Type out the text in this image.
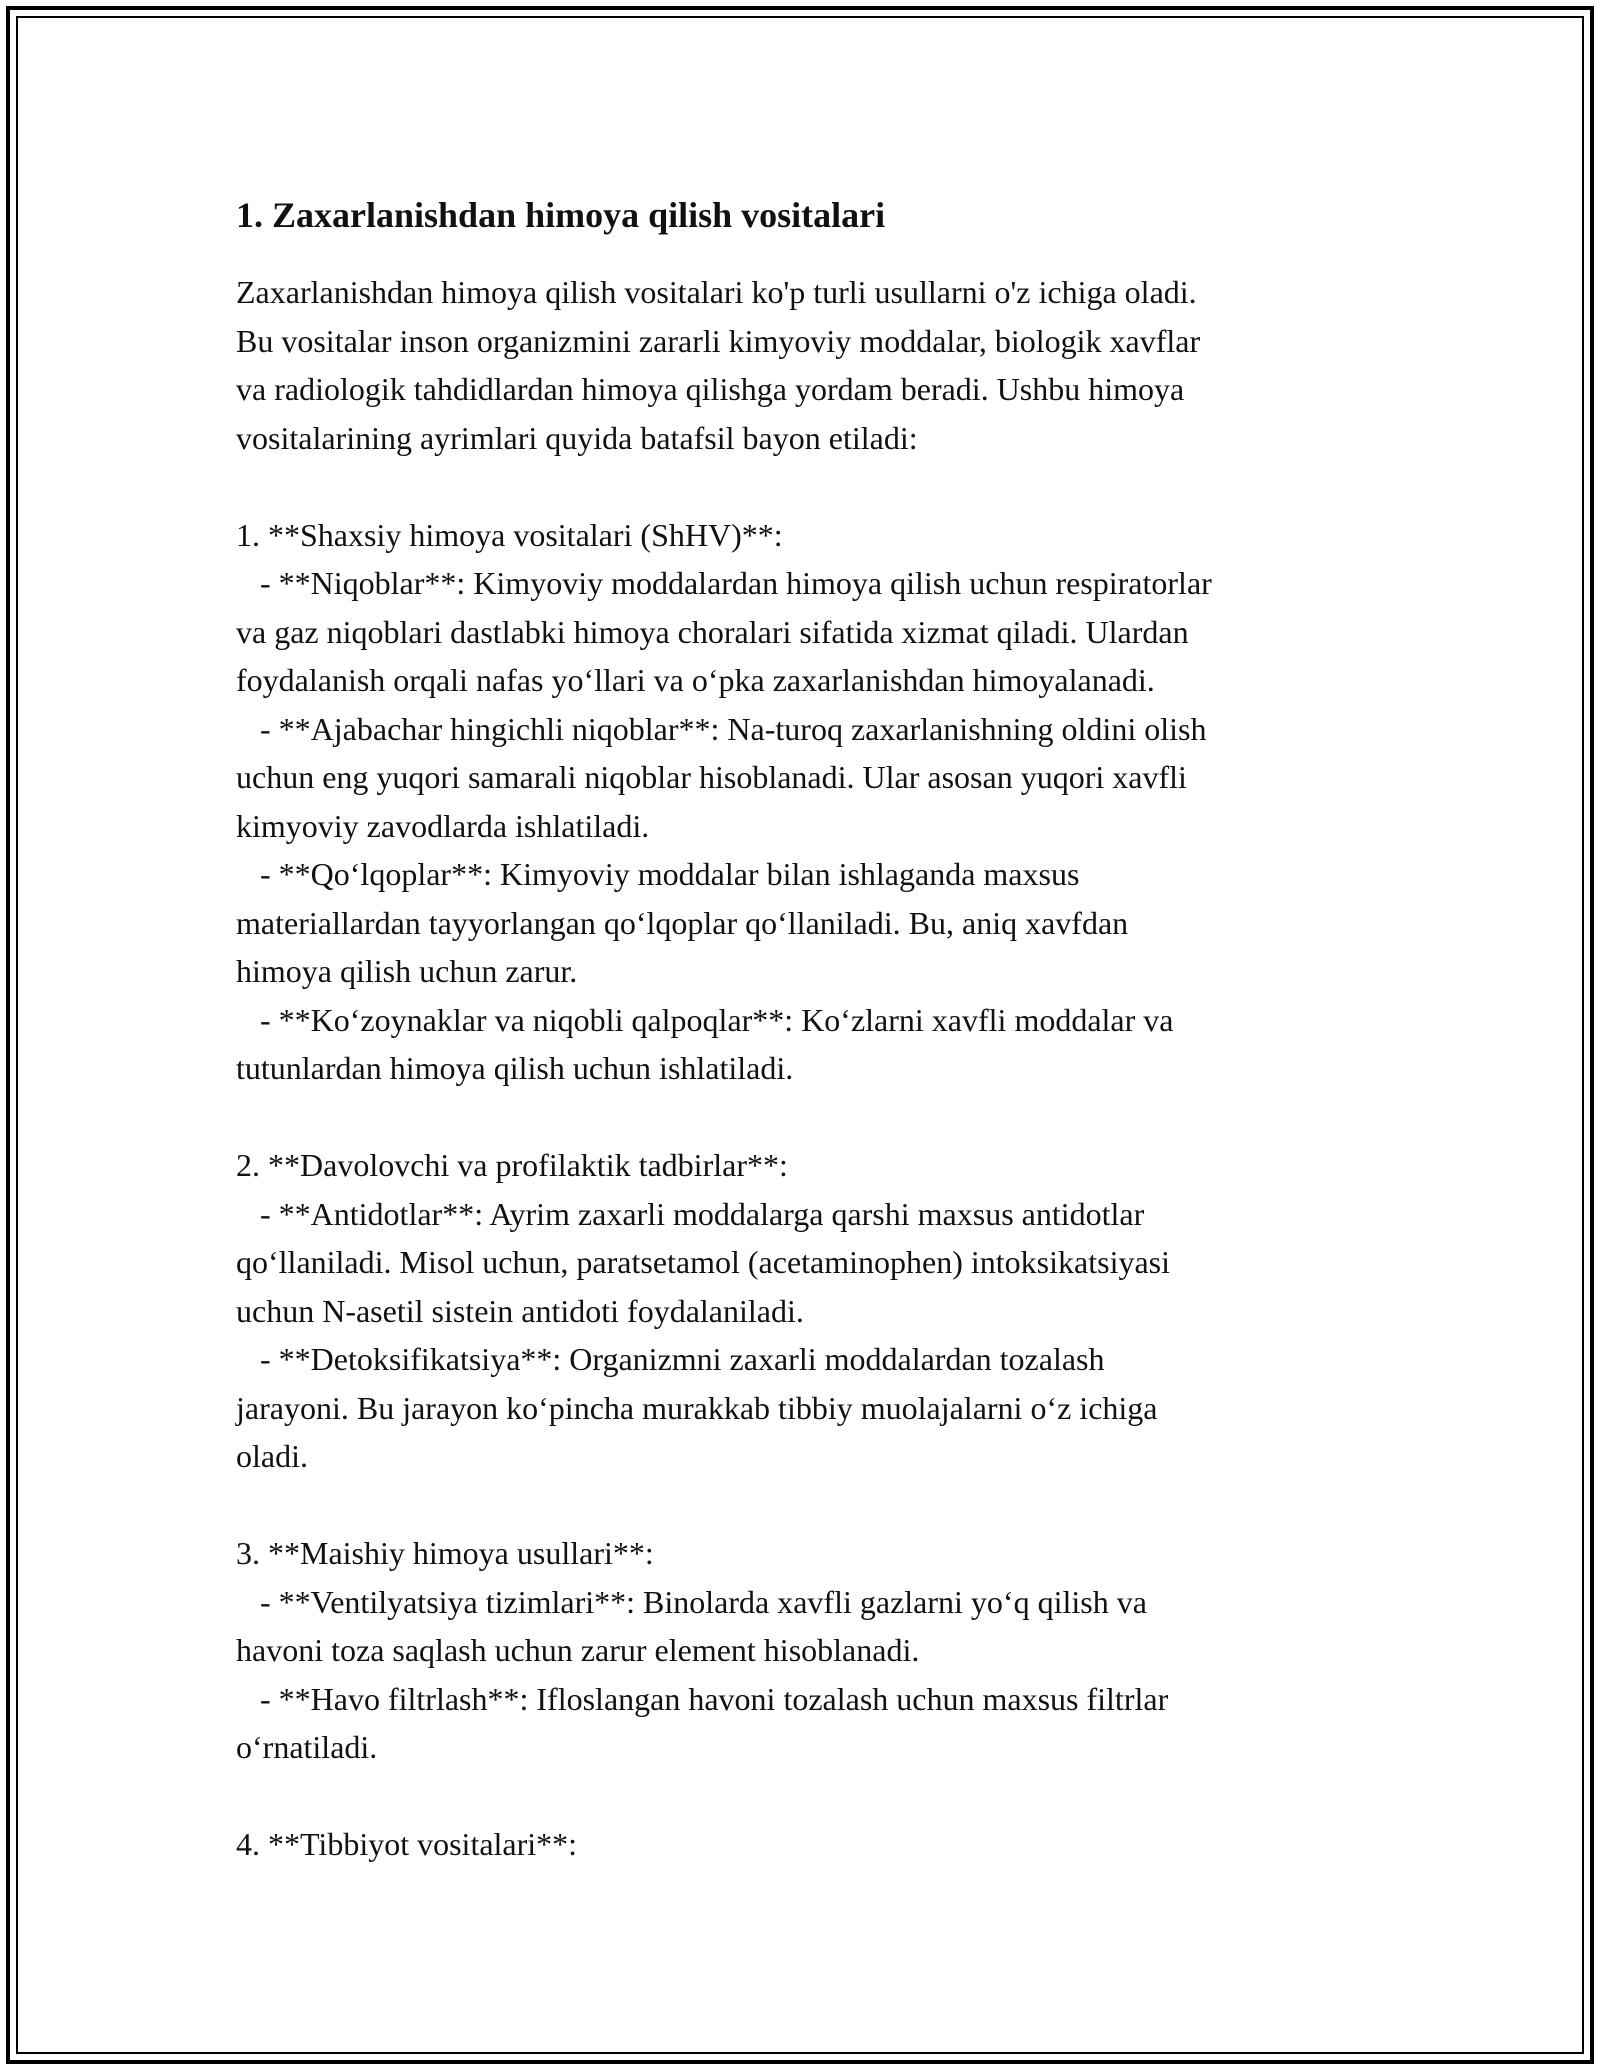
1. Zaxarlanishdan himoya qilish vositalari

Zaxarlanishdan himoya qilish vositalari ko'p turli usullarni o'z ichiga oladi.

Bu vositalar inson organizmini zararli kimyoviy moddalar, biologik xavflar

va radiologik tahdidlardan himoya qilishga yordam beradi. Ushbu himoya

vositalarining ayrimlari quyida batafsil bayon etiladi:

1. **Shaxsiy himoya vositalari (ShHV)**:

- **Niqoblar**: Kimyoviy moddalardan himoya qilish uchun respiratorlar

va gaz niqoblari dastlabki himoya choralari sifatida xizmat qiladi. Ulardan

foydalanish orqali nafas yo‘llari va o‘pka zaxarlanishdan himoyalanadi.

- **Ajabachar hingichli niqoblar**: Na-turoq zaxarlanishning oldini olish

uchun eng yuqori samarali niqoblar hisoblanadi. Ular asosan yuqori xavfli

kimyoviy zavodlarda ishlatiladi.

- **Qo‘lqoplar**: Kimyoviy moddalar bilan ishlaganda maxsus

materiallardan tayyorlangan qo‘lqoplar qo‘llaniladi. Bu, aniq xavfdan

himoya qilish uchun zarur.

- **Ko‘zoynaklar va niqobli qalpoqlar**: Ko‘zlarni xavfli moddalar va

tutunlardan himoya qilish uchun ishlatiladi.

2. **Davolovchi va profilaktik tadbirlar**:

- **Antidotlar**: Ayrim zaxarli moddalarga qarshi maxsus antidotlar

qo‘llaniladi. Misol uchun, paratsetamol (acetaminophen) intoksikatsiyasi

uchun N-asetil sistein antidoti foydalaniladi.

- **Detoksifikatsiya**: Organizmni zaxarli moddalardan tozalash

jarayoni. Bu jarayon ko‘pincha murakkab tibbiy muolajalarni o‘z ichiga

oladi.

3. **Maishiy himoya usullari**:

- **Ventilyatsiya tizimlari**: Binolarda xavfli gazlarni yo‘q qilish va

havoni toza saqlash uchun zarur element hisoblanadi.

- **Havo filtrlash**: Ifloslangan havoni tozalash uchun maxsus filtrlar

o‘rnatiladi.

4. **Tibbiyot vositalari**:
